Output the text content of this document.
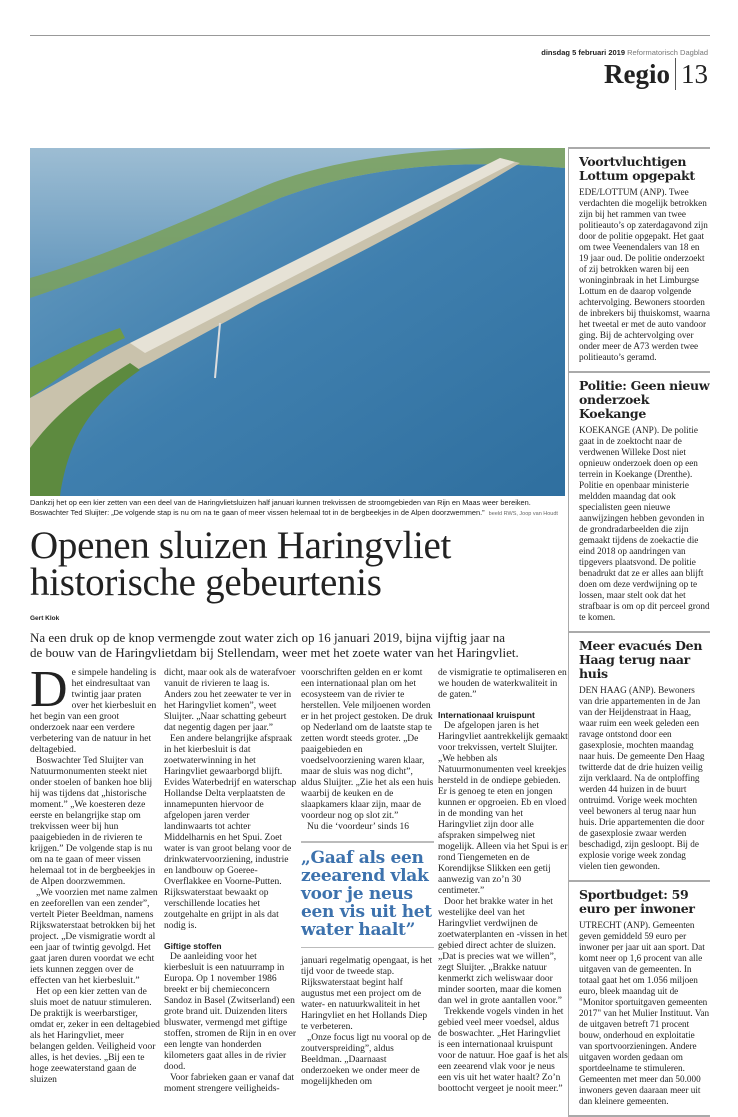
dinsdag 5 februari 2019 Reformatorisch Dagblad
Regio 13
Dankzij het op een kier zetten van een deel van de Haringvlietsluizen half januari kunnen trekvissen de stroomgebieden van Rijn en Maas weer bereiken. Boswachter Ted Sluijter: „De volgende stap is nu om na te gaan of meer vissen helemaal tot in de bergbeekjes in de Alpen doorzwemmen.” beeld RWS, Joop van Houdt
Openen sluizen Haringvliet historische gebeurtenis
Gert Klok

Na een druk op de knop vermengde zout water zich op 16 januari 2019, bijna vijftig jaar na de bouw van de Haringvlietdam bij Stellendam, weer met het zoete water van het Haringvliet.

De simpele handeling is het eindresultaat van twintig jaar praten over het kierbesluit en het begin van een groot onderzoek naar een verdere verbetering van de natuur in het deltagebied.

Boswachter Ted Sluijter van Natuurmonumenten steekt niet onder stoelen of banken hoe blij hij was tijdens dat „historische moment.” „We koesteren deze eerste en belangrijke stap om trekvissen weer bij hun paaigebieden in de rivieren te krijgen.” De volgende stap is nu om na te gaan of meer vissen helemaal tot in de bergbeekjes in de Alpen doorzwemmen.

„We voorzien met name zalmen en zeeforellen van een zender”, vertelt Pieter Beeldman, namens Rijkswaterstaat betrokken bij het project. „De vismigratie wordt al een jaar of twintig gevolgd. Het gaat jaren duren voordat we echt iets kunnen zeggen over de effecten van het kierbesluit.”

Het op een kier zetten van de sluis moet de natuur stimuleren. De praktijk is weerbarstiger, omdat er, zeker in een deltagebied als het Haringvliet, meer belangen gelden. Veiligheid voor alles, is het devies. „Bij een te hoge zeewaterstand gaan de sluizen

dicht, maar ook als de waterafvoer vanuit de rivieren te laag is. Anders zou het zeewater te ver in het Haringvliet komen”, weet Sluijter. „Naar schatting gebeurt dat negentig dagen per jaar.”

Een andere belangrijke afspraak in het kierbesluit is dat zoetwaterwinning in het Haringvliet gewaarborgd blijft. Evides Waterbedrijf en waterschap Hollandse Delta verplaatsten de innamepunten hiervoor de afgelopen jaren verder landinwaarts tot achter Middelharnis en het Spui. Zoet water is van groot belang voor de drinkwatervoorziening, industrie en landbouw op Goeree-Overflakkee en Voorne-Putten. Rijkswaterstaat bewaakt op verschillende locaties het zoutgehalte en grijpt in als dat nodig is.

Giftige stoffen

De aanleiding voor het kierbesluit is een natuurramp in Europa. Op 1 november 1986 breekt er bij chemieconcern Sandoz in Basel (Zwitserland) een grote brand uit. Duizenden liters bluswater, vermengd met giftige stoffen, stromen de Rijn in en over een lengte van honderden kilometers gaat alles in de rivier dood.

Voor fabrieken gaan er vanaf dat moment strengere veiligheids-

voorschriften gelden en er komt een internationaal plan om het ecosysteem van de rivier te herstellen. Vele miljoenen worden er in het project gestoken. De druk op Nederland om de laatste stap te zetten wordt steeds groter. „De paaigebieden en voedselvoorziening waren klaar, maar de sluis was nog dicht”, aldus Sluijter. „Zie het als een huis waarbij de keuken en de slaapkamers klaar zijn, maar de voordeur nog op slot zit.”

Nu die ‘voordeur’ sinds 16

„Gaaf als een zeearend vlak voor je neus een vis uit het water haalt”

januari regelmatig opengaat, is het tijd voor de tweede stap. Rijkswaterstaat begint half augustus met een project om de water- en natuurkwaliteit in het Haringvliet en het Hollands Diep te verbeteren.

„Onze focus ligt nu vooral op de zoutverspreiding”, aldus Beeldman. „Daarnaast onderzoeken we onder meer de mogelijkheden om

de vismigratie te optimaliseren en we houden de waterkwaliteit in de gaten.”

Internationaal kruispunt

De afgelopen jaren is het Haringvliet aantrekkelijk gemaakt voor trekvissen, vertelt Sluijter. „We hebben als Natuurmonumenten veel kreekjes hersteld in de ondiepe gebieden. Er is genoeg te eten en jongen kunnen er opgroeien. Eb en vloed in de monding van het Haringvliet zijn door alle afspraken simpelweg niet mogelijk. Alleen via het Spui is er rond Tiengemeten en de Korendijkse Slikken een getij aanwezig van zo’n 30 centimeter.”

Door het brakke water in het westelijke deel van het Haringvliet verdwijnen de zoetwaterplanten en -vissen in het gebied direct achter de sluizen. „Dat is precies wat we willen”, zegt Sluijter. „Brakke natuur kenmerkt zich weliswaar door minder soorten, maar die komen dan wel in grote aantallen voor.”

Trekkende vogels vinden in het gebied veel meer voedsel, aldus de boswachter. „Het Haringvliet is een internationaal kruispunt voor de natuur. Hoe gaaf is het als een zeearend vlak voor je neus een vis uit het water haalt? Zo’n boottocht vergeet je nooit meer.”

Voortvluchtigen Lottum opgepakt

EDE/LOTTUM (ANP). Twee verdachten die mogelijk betrokken zijn bij het rammen van twee politieauto’s op zaterdagavond zijn door de politie opgepakt. Het gaat om twee Veenendalers van 18 en 19 jaar oud. De politie onderzoekt of zij betrokken waren bij een woninginbraak in het Limburgse Lottum en de daarop volgende achtervolging. Bewoners stoorden de inbrekers bij thuiskomst, waarna het tweetal er met de auto vandoor ging. Bij de achtervolging over onder meer de A73 werden twee politieauto’s geramd.

Politie: Geen nieuw onderzoek Koekange

KOEKANGE (ANP). De politie gaat in de zoektocht naar de verdwenen Willeke Dost niet opnieuw onderzoek doen op een terrein in Koekange (Drenthe). Politie en openbaar ministerie meldden maandag dat ook specialisten geen nieuwe aanwijzingen hebben gevonden in de grondradarbeelden die zijn gemaakt tijdens de zoekactie die eind 2018 op aandringen van tipgevers plaatsvond. De politie benadrukt dat ze er alles aan blijft doen om deze verdwijning op te lossen, maar stelt ook dat het strafbaar is om op dit perceel grond te komen.

Meer evacués Den Haag terug naar huis

DEN HAAG (ANP). Bewoners van drie appartementen in de Jan van der Heijdenstraat in Haag, waar ruim een week geleden een ravage ontstond door een gasexplosie, mochten maandag naar huis. De gemeente Den Haag twitterde dat de drie huizen veilig zijn verklaard. Na de ontploffing werden 44 huizen in de buurt ontruimd. Vorige week mochten veel bewoners al terug naar hun huis. Drie appartementen die door de gasexplosie zwaar werden beschadigd, zijn gesloopt. Bij de explosie vorige week zondag vielen tien gewonden.

Sportbudget: 59 euro per inwoner

UTRECHT (ANP). Gemeenten geven gemiddeld 59 euro per inwoner per jaar uit aan sport. Dat komt neer op 1,6 procent van alle uitgaven van de gemeenten. In totaal gaat het om 1.056 miljoen euro, bleek maandag uit de "Monitor sportuitgaven gemeenten 2017" van het Mulier Instituut. Van de uitgaven betreft 71 procent bouw, onderhoud en exploitatie van sportvoorzieningen. Andere uitgaven worden gedaan om sportdeelname te stimuleren. Gemeenten met meer dan 50.000 inwoners geven daaraan meer uit dan kleinere gemeenten.
